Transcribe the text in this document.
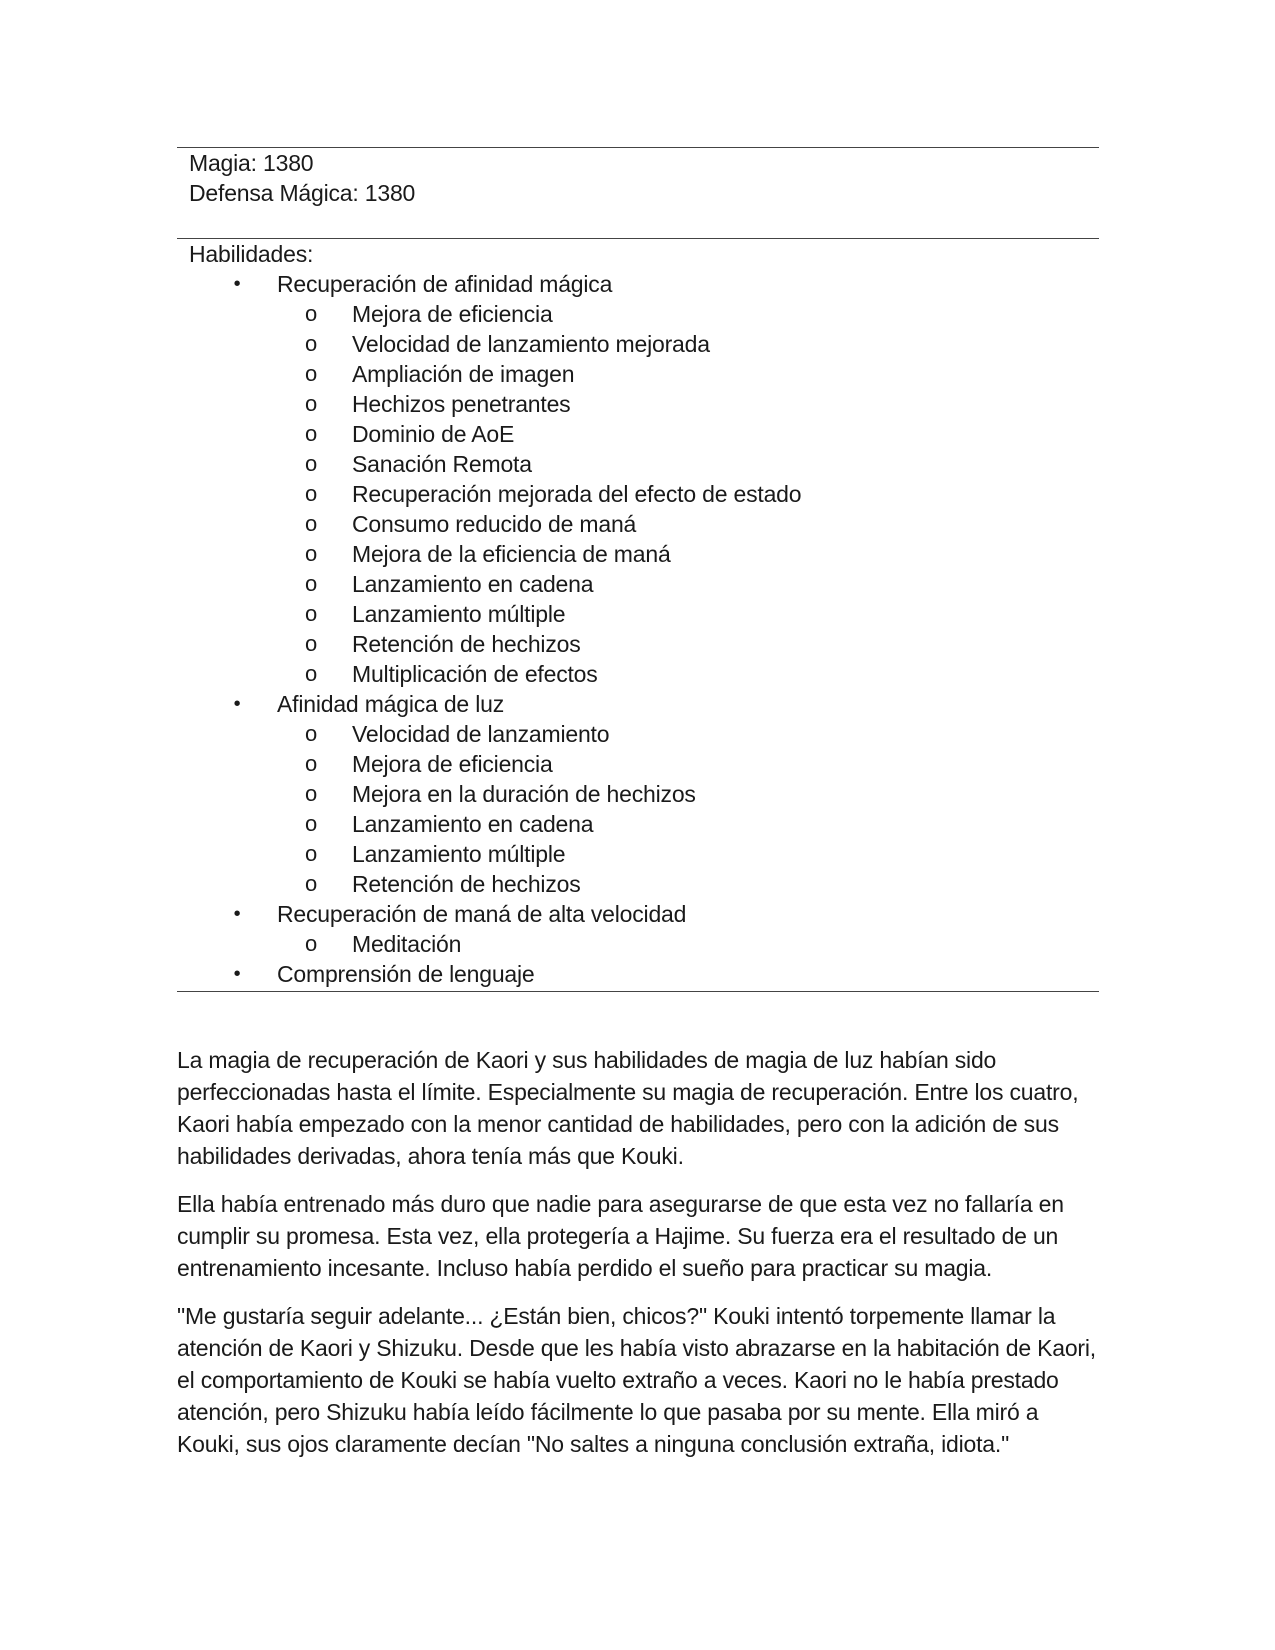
Magia: 1380
Defensa Mágica: 1380
Habilidades:
• Recuperación de afinidad mágica
o Mejora de eficiencia
o Velocidad de lanzamiento mejorada
o Ampliación de imagen
o Hechizos penetrantes
o Dominio de AoE
o Sanación Remota
o Recuperación mejorada del efecto de estado
o Consumo reducido de maná
o Mejora de la eficiencia de maná
o Lanzamiento en cadena
o Lanzamiento múltiple
o Retención de hechizos
o Multiplicación de efectos
• Afinidad mágica de luz
o Velocidad de lanzamiento
o Mejora de eficiencia
o Mejora en la duración de hechizos
o Lanzamiento en cadena
o Lanzamiento múltiple
o Retención de hechizos
• Recuperación de maná de alta velocidad
o Meditación
• Comprensión de lenguaje

La magia de recuperación de Kaori y sus habilidades de magia de luz habían sido perfeccionadas hasta el límite. Especialmente su magia de recuperación. Entre los cuatro, Kaori había empezado con la menor cantidad de habilidades, pero con la adición de sus habilidades derivadas, ahora tenía más que Kouki.

Ella había entrenado más duro que nadie para asegurarse de que esta vez no fallaría en cumplir su promesa. Esta vez, ella protegería a Hajime. Su fuerza era el resultado de un entrenamiento incesante. Incluso había perdido el sueño para practicar su magia.

"Me gustaría seguir adelante... ¿Están bien, chicos?" Kouki intentó torpemente llamar la atención de Kaori y Shizuku. Desde que les había visto abrazarse en la habitación de Kaori, el comportamiento de Kouki se había vuelto extraño a veces. Kaori no le había prestado atención, pero Shizuku había leído fácilmente lo que pasaba por su mente. Ella miró a Kouki, sus ojos claramente decían "No saltes a ninguna conclusión extraña, idiota."
